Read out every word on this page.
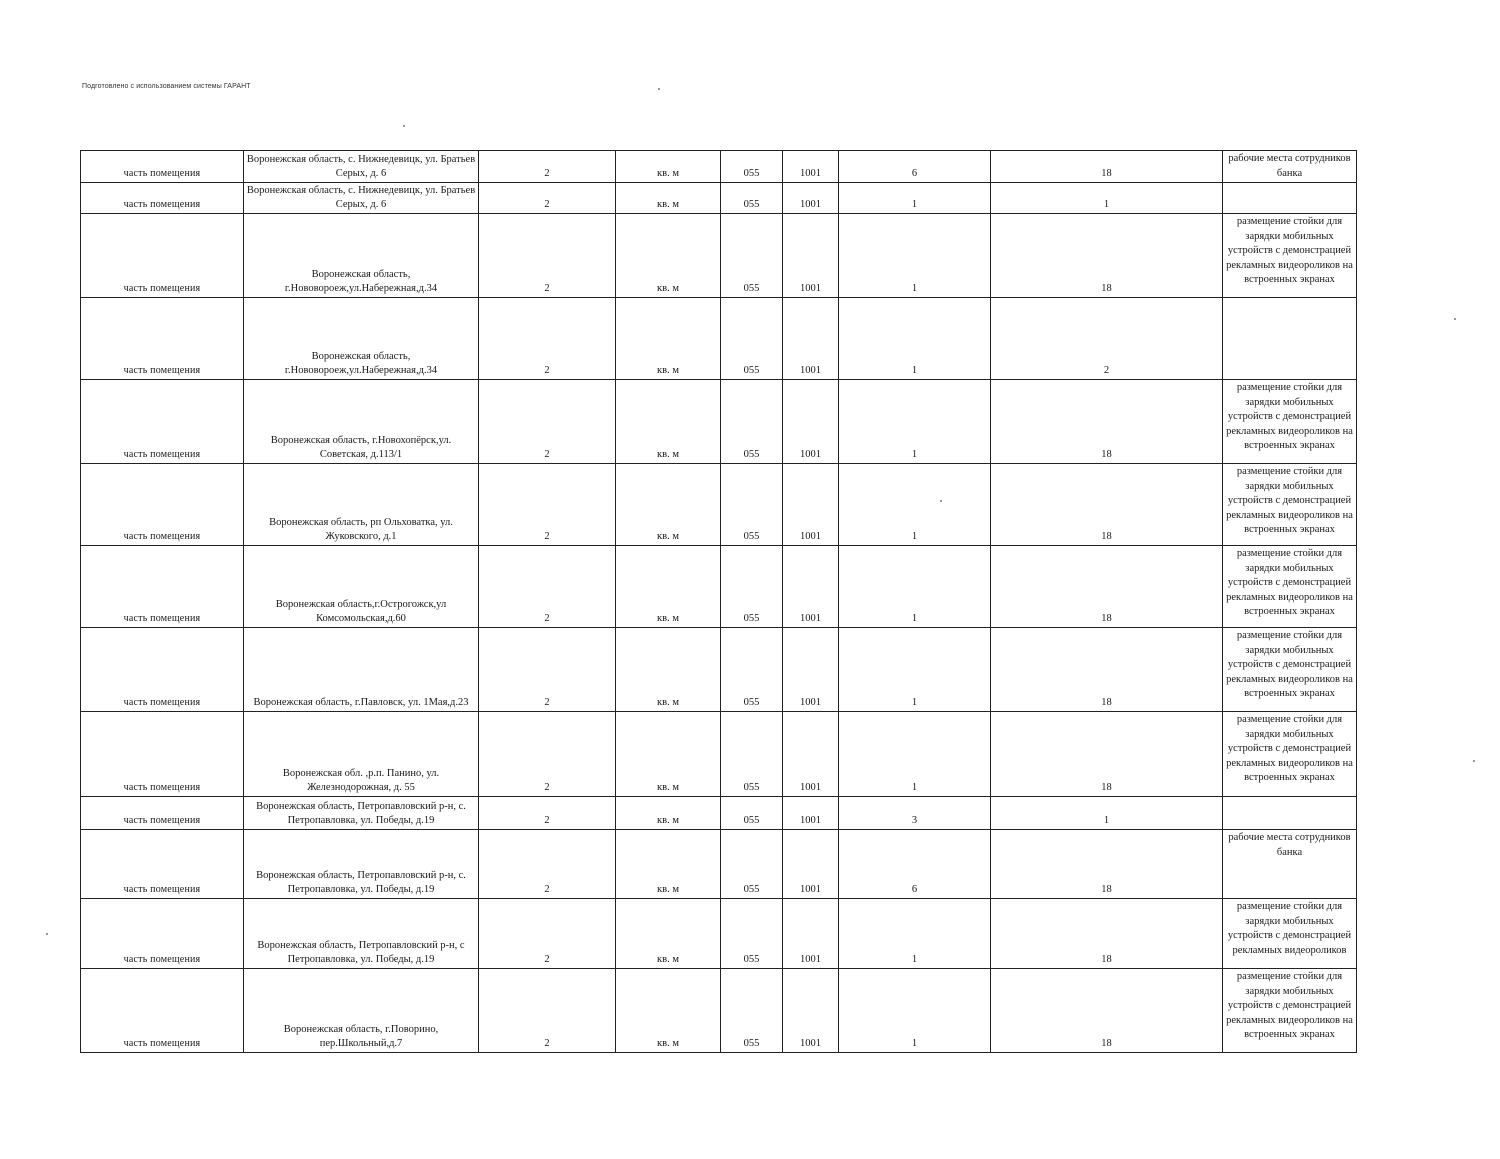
Подготовлено с использованием системы ГАРАНТ
часть помещения	Воронежская область, с. Нижнедевицк, ул. Братьев Серых, д. 6	2	кв. м	055	1001	6	18	рабочие места сотрудников банка
часть помещения	Воронежская область, с. Нижнедевицк, ул. Братьев Серых, д. 6	2	кв. м	055	1001	1	1	
часть помещения	Воронежская область, г.Нововороеж,ул.Набережная,д.34	2	кв. м	055	1001	1	18	размещение стойки для зарядки мобильных устройств с демонстрацией рекламных видеороликов на встроенных экранах
часть помещения	Воронежская область, г.Нововороеж,ул.Набережная,д.34	2	кв. м	055	1001	1	2	
часть помещения	Воронежская область, г.Новохопёрск,ул. Советская, д.113/1	2	кв. м	055	1001	1	18	размещение стойки для зарядки мобильных устройств с демонстрацией рекламных видеороликов на встроенных экранах
часть помещения	Воронежская область, рп Ольховатка, ул. Жуковского, д.1	2	кв. м	055	1001	1	18	размещение стойки для зарядки мобильных устройств с демонстрацией рекламных видеороликов на встроенных экранах
часть помещения	Воронежская область,г.Острогожск,ул Комсомольская,д.60	2	кв. м	055	1001	1	18	размещение стойки для зарядки мобильных устройств с демонстрацией рекламных видеороликов на встроенных экранах
часть помещения	Воронежская область, г.Павловск, ул. 1Мая,д.23	2	кв. м	055	1001	1	18	размещение стойки для зарядки мобильных устройств с демонстрацией рекламных видеороликов на встроенных экранах
часть помещения	Воронежская обл. ,р.п. Панино, ул. Железнодорожная, д. 55	2	кв. м	055	1001	1	18	размещение стойки для зарядки мобильных устройств с демонстрацией рекламных видеороликов на встроенных экранах
часть помещения	Воронежская область, Петропавловский р-н, с. Петропавловка, ул. Победы, д.19	2	кв. м	055	1001	3	1	
часть помещения	Воронежская область, Петропавловский р-н, с. Петропавловка, ул. Победы, д.19	2	кв. м	055	1001	6	18	рабочие места сотрудников банка
часть помещения	Воронежская область, Петропавловский р-н, с Петропавловка, ул. Победы, д.19	2	кв. м	055	1001	1	18	размещение стойки для зарядки мобильных устройств с демонстрацией рекламных видеороликов
часть помещения	Воронежская область, г.Поворино, пер.Школьный,д.7	2	кв. м	055	1001	1	18	размещение стойки для зарядки мобильных устройств с демонстрацией рекламных видеороликов на встроенных экранах
